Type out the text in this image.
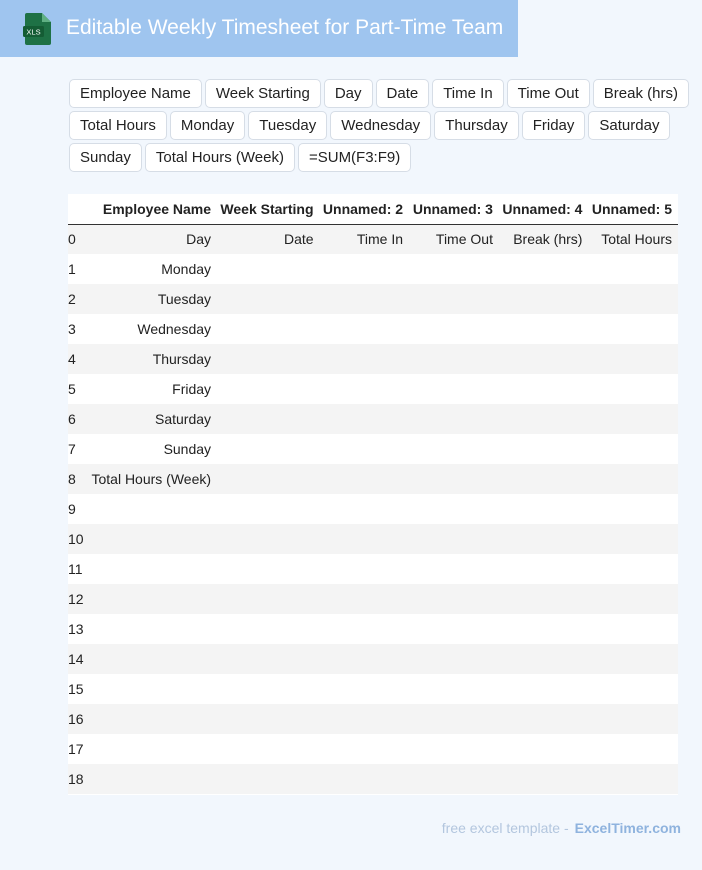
XLS Editable Weekly Timesheet for Part-Time Team
Employee Name	Week Starting	Day	Date	Time In	Time Out	Break (hrs)
Total Hours	Monday	Tuesday	Wednesday	Thursday	Friday	Saturday
Sunday	Total Hours (Week)	=SUM(F3:F9)
	Employee Name	Week Starting	Unnamed: 2	Unnamed: 3	Unnamed: 4	Unnamed: 5
0	Day	Date	Time In	Time Out	Break (hrs)	Total Hours
1	Monday					
2	Tuesday					
3	Wednesday					
4	Thursday					
5	Friday					
6	Saturday					
7	Sunday					
8	Total Hours (Week)					
9						
10						
11						
12						
13						
14						
15						
16						
17						
18						
free excel template - ExcelTimer.com
